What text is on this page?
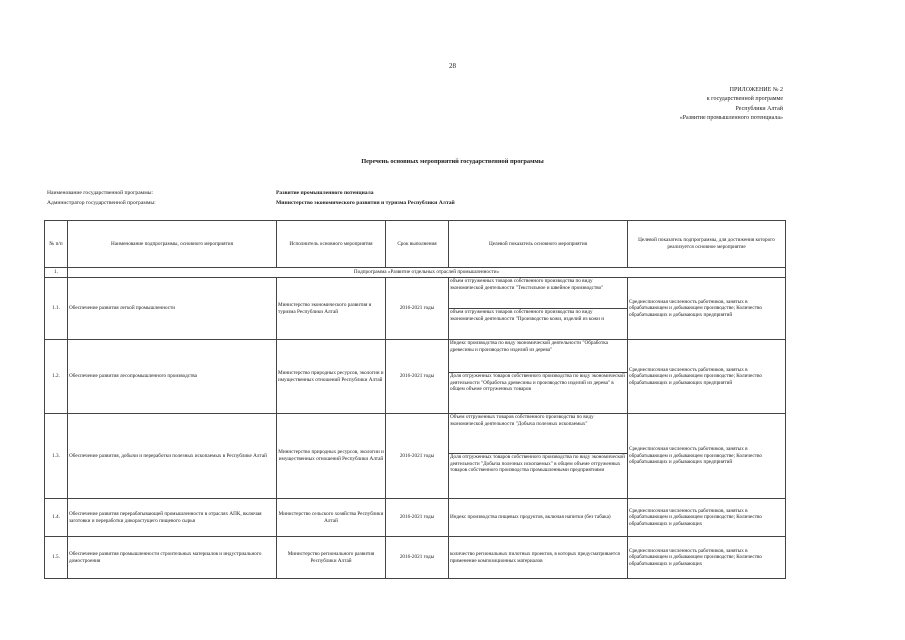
28
ПРИЛОЖЕНИЕ № 2
к государственной программе
Республики Алтай
«Развитие промышленного потенциала»
Перечень основных мероприятий государственной программы
Наименование государственной программы:	Развитие промышленного потенциала
Администратор государственной программы:	Министерство экономического развития и туризма Республики Алтай
№ п/п	Наименование подпрограммы, основного мероприятия	Исполнитель основного мероприятия	Срок выполнения	Целевой показатель основного мероприятия	Целевой показатель подпрограммы, для достижения которого реализуется основное мероприятие
1.	Подпрограмма «Развитие отдельных отраслей промышленности»				
1.1.	Обеспечение развития легкой промышленности	Министерство экономического развития и туризма Республики Алтай	2016-2021 годы	объем отгруженных товаров собственного производства по виду экономической деятельности "Текстильное и швейное производство"
объем отгруженных товаров собственного производства по виду экономической деятельности "Производство кожи, изделий из кожи и	Среднесписочная численность работников, занятых в обрабатывающем и добывающем производстве; Количество обрабатывающих и добывающих предприятий
1.2.	Обеспечение развития лесопромышленного производства	Министерство природных ресурсов, экологии и имущественных отношений Республики Алтай	2016-2021 годы	Индекс производства по виду экономической деятельности "Обработка древесины и производство изделий из дерева"
Доля отгруженных товаров собственного производства по виду экономической деятельности "Обработка древесины и производство изделий из дерева" в общем объеме отгруженных товаров	Среднесписочная численность работников, занятых в обрабатывающем и добывающем производстве; Количество обрабатывающих и добывающих предприятий
1.3.	Обеспечение развития, добычи и переработки полезных ископаемых в Республике Алтай	Министерство природных ресурсов, экологии и имущественных отношений Республики Алтай	2016-2021 годы	Объем отгруженных товаров собственного производства по виду экономической деятельности "Добыча полезных ископаемых"
Доля отгруженных товаров собственного производства по виду экономической деятельности "Добыча полезных ископаемых" в общем объеме отгруженных товаров собственного производства промышленными предприятиями	Среднесписочная численность работников, занятых в обрабатывающем и добывающем производстве; Количество обрабатывающих и добывающих предприятий
1.4.	Обеспечение развития перерабатывающей промышленности в отраслях АПК, включая заготовки и переработки дикорастущего пищевого сырья	Министерство сельского хозяйства Республики Алтай	2016-2021 годы	Индекс производства пищевых продуктов, включая напитки (без табака)	Среднесписочная численность работников, занятых в обрабатывающем и добывающем производстве; Количество обрабатывающих и добывающих
1.5.	Обеспечение развития промышленности строительных материалов и индустриального домостроения	Министерство регионального развития Республики Алтай	2016-2021 годы	количество региональных пилотных проектов, в которых предусматривается применение композиционных материалов	Среднесписочная численность работников, занятых в обрабатывающем и добывающем производстве; Количество обрабатывающих и добывающих
